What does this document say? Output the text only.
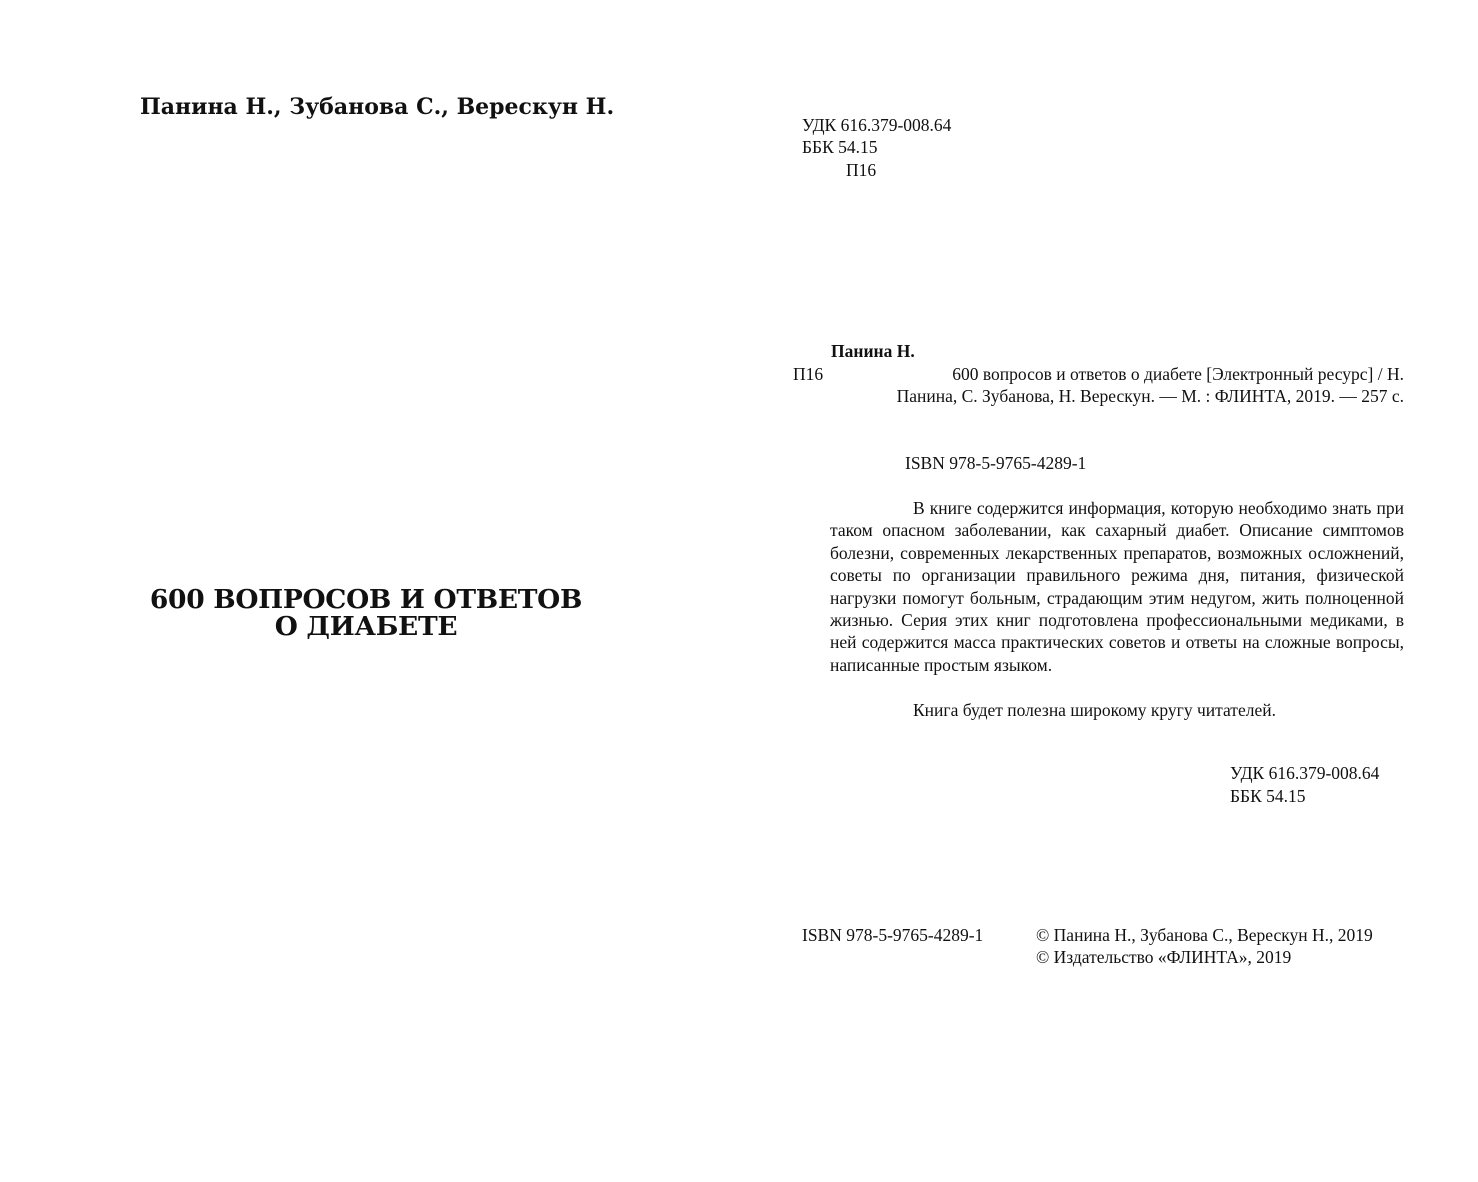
Панина Н., Зубанова С., Верескун Н.
600 ВОПРОСОВ И ОТВЕТОВ
О ДИАБЕТЕ
УДК 616.379-008.64
ББК 54.15
П16
Панина Н.
П16	600 вопросов и ответов о диабете [Электронный ресурс] / Н.
Панина, С. Зубанова, Н. Верескун. — М. : ФЛИНТА, 2019. — 257 с.
ISBN 978-5-9765-4289-1
В книге содержится информация, которую необходимо знать при таком опасном заболевании, как сахарный диабет. Описание симптомов болезни, современных лекарственных препаратов, возможных осложнений, советы по организации правильного режима дня, питания, физической нагрузки помогут больным, страдающим этим недугом, жить полноценной жизнью. Серия этих книг подготовлена профессиональными медиками, в ней содержится масса практических советов и ответы на сложные вопросы, написанные простым языком.
Книга будет полезна широкому кругу читателей.
УДК 616.379-008.64
ББК 54.15
ISBN 978-5-9765-4289-1	© Панина Н., Зубанова С., Верескун Н., 2019
© Издательство «ФЛИНТА», 2019
